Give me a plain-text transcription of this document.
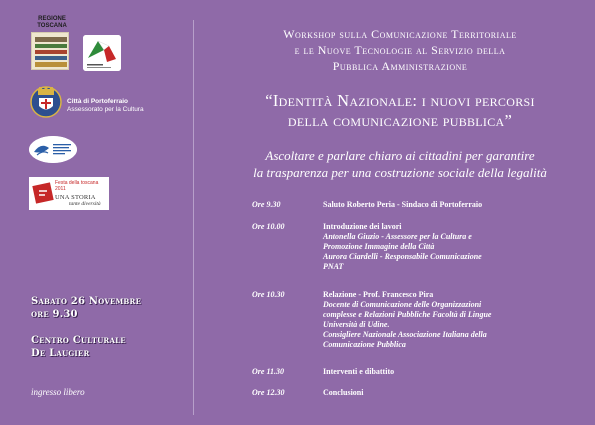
REGIONE TOSCANA
Città di Portoferraio
Assessorato per la Cultura
Festa della toscana
2011
UNA STORIA
tante diversità
Sabato 26 Novembre
ore 9.30
Centro Culturale
De Laugier
ingresso libero
Workshop sulla Comunicazione Territoriale
e le Nuove Tecnologie al Servizio della
Pubblica Amministrazione
“Identità Nazionale: i nuovi percorsi
della comunicazione pubblica”
Ascoltare e parlare chiaro ai cittadini per garantire
la trasparenza per una costruzione sociale della legalità
Ore 9.30	Saluto Roberto Peria - Sindaco di Portoferraio
Ore 10.00	Introduzione dei lavori
Antonella Giuzio - Assessore per la Cultura e
Promozione Immagine della Città
Aurora Ciardelli - Responsabile Comunicazione
PNAT
Ore 10.30	Relazione - Prof. Francesco Pira
Docente di Comunicazione delle Organizzazioni
complesse e Relazioni Pubbliche Facoltà di Lingue
Università di Udine.
Consigliere Nazionale Associazione Italiana della
Comunicazione Pubblica
Ore 11.30	Interventi e dibattito
Ore 12.30	Conclusioni
